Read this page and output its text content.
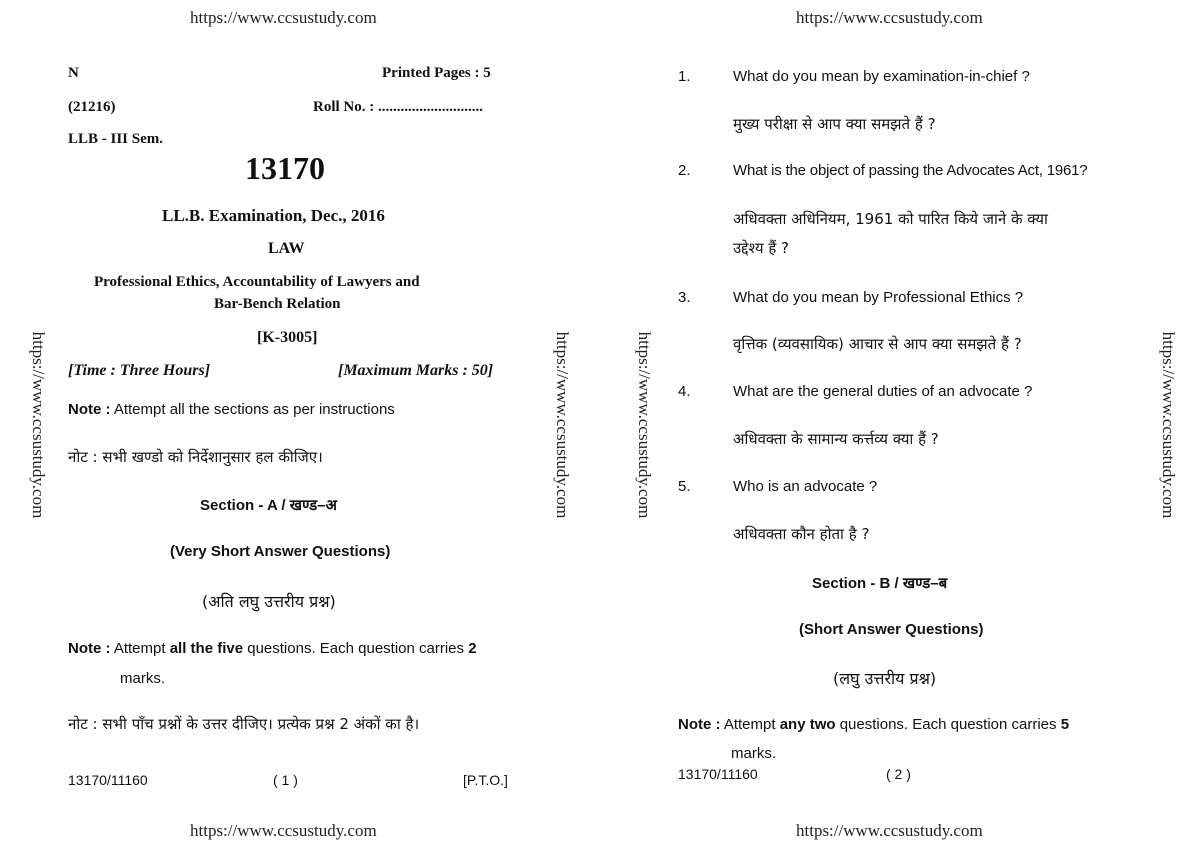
https://www.ccsustudy.com
N	Printed Pages : 5
(21216)	Roll No. : ............................
LLB - III Sem.
13170
LL.B. Examination, Dec., 2016
LAW
Professional Ethics, Accountability of Lawyers and
Bar-Bench Relation
[K-3005]
[Time : Three Hours]	[Maximum Marks : 50]
Note : Attempt all the sections as per instructions
नोट : सभी खण्डो को निर्देशानुसार हल कीजिए।
Section - A / खण्ड–अ
(Very Short Answer Questions)
(अति लघु उत्तरीय प्रश्न)
Note : Attempt all the five questions. Each question carries 2
marks.
नोट : सभी पाँच प्रश्नों के उत्तर दीजिए। प्रत्येक प्रश्न 2 अंकों का है।
13170/11160	( 1 )	[P.T.O.]
https://www.ccsustudy.com
https://www.ccsustudy.com	https://www.ccsustudy.com
https://www.ccsustudy.com
https://www.ccsustudy.com	https://www.ccsustudy.com
1.	What do you mean by examination-in-chief ?
मुख्य परीक्षा से आप क्या समझते हैं ?
2.	What is the object of passing the Advocates Act, 1961?
अधिवक्ता अधिनियम, 1961 को पारित किये जाने के क्या
उद्देश्य हैं ?
3.	What do you mean by Professional Ethics ?
वृत्तिक (व्यवसायिक) आचार से आप क्या समझते हैं ?
4.	What are the general duties of an advocate ?
अधिवक्ता के सामान्य कर्त्तव्य क्या हैं ?
5.	Who is an advocate ?
अधिवक्ता कौन होता है ?
Section - B / खण्ड–ब
(Short Answer Questions)
(लघु उत्तरीय प्रश्न)
Note : Attempt any two questions. Each question carries 5
marks.
13170/11160	( 2 )
https://www.ccsustudy.com
